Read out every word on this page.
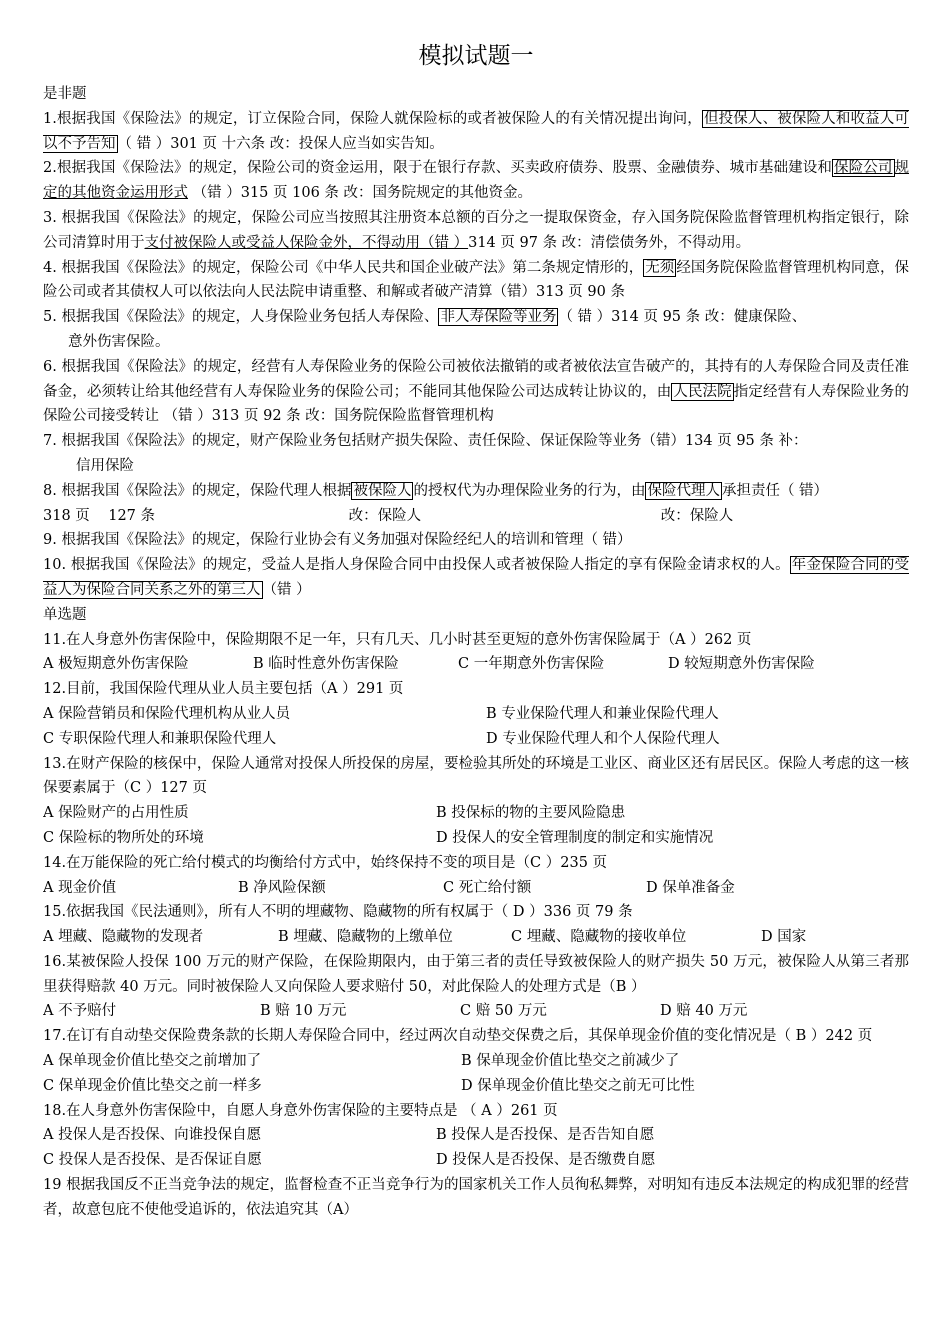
模拟试题一

是非题

1.根据我国《保险法》的规定，订立保险合同，保险人就保险标的或者被保险人的有关情况提出询问， 但投保人、被保险人和收益人可以不予告知 （ 错 ）301 页 十六条 改：投保人应当如实告知。

2.根据我国《保险法》的规定，保险公司的资金运用，限于在银行存款、买卖政府债券、股票、金融债券、城市基础建设和 保险公司 规定的其他资金运用形式 （错 ）315 页 106 条 改：国务院规定的其他资金。

3. 根据我国《保险法》的规定，保险公司应当按照其注册资本总额的百分之一提取保资金，存入国务院保险监督管理机构指定银行，除公司清算时用于支付被保险人或受益人保险金外，不得动用（错 ）314 页 97 条 改：清偿债务外，不得动用。

4. 根据我国《保险法》的规定，保险公司《中华人民共和国企业破产法》第二条规定情形的， 无须 经国务院保险监督管理机构同意，保险公司或者其债权人可以依法向人民法院申请重整、和解或者破产清算（错）313 页 90 条

5. 根据我国《保险法》的规定，人身保险业务包括人寿保险、 非人寿保险等业务 （ 错 ）314 页 95 条 改：健康保险、

意外伤害保险。

6. 根据我国《保险法》的规定，经营有人寿保险业务的保险公司被依法撤销的或者被依法宣告破产的，其持有的人寿保险合同及责任准备金，必须转让给其他经营有人寿保险业务的保险公司；不能同其他保险公司达成转让协议的，由 人民法院 指定经营有人寿保险业务的保险公司接受转让 （错 ）313 页 92 条 改：国务院保险监督管理机构

7. 根据我国《保险法》的规定，财产保险业务包括财产损失保险、责任保险、保证保险等业务（错）134 页 95 条 补：

信用保险

8. 根据我国《保险法》的规定，保险代理人根据 被保险人 的授权代为办理保险业务的行为，由 保险代理人 承担责任（ 错）

318 页    127 条                                          改：保险人                                                    改：保险人

9. 根据我国《保险法》的规定，保险行业协会有义务加强对保险经纪人的培训和管理（ 错）

10. 根据我国《保险法》的规定，受益人是指人身保险合同中由投保人或者被保险人指定的享有保险金请求权的人。 年金保险合同的受益人为保险合同关系之外的第三人 （错 ）

单选题

11.在人身意外伤害保险中，保险期限不足一年，只有几天、几小时甚至更短的意外伤害保险属于（A ）262 页

A 极短期意外伤害保险	B 临时性意外伤害保险	C 一年期意外伤害保险	D 较短期意外伤害保险

12.目前，我国保险代理从业人员主要包括（A ）291 页

A 保险营销员和保险代理机构从业人员	B 专业保险代理人和兼业保险代理人
C 专职保险代理人和兼职保险代理人	D 专业保险代理人和个人保险代理人

13.在财产保险的核保中，保险人通常对投保人所投保的房屋，要检验其所处的环境是工业区、商业区还有居民区。保险人考虑的这一核保要素属于（C ）127 页

A 保险财产的占用性质	B 投保标的物的主要风险隐患
C 保险标的物所处的环境	D 投保人的安全管理制度的制定和实施情况

14.在万能保险的死亡给付模式的均衡给付方式中，始终保持不变的项目是（C ）235 页

A 现金价值	B 净风险保额	C 死亡给付额	D 保单准备金

15.依据我国《民法通则》，所有人不明的埋藏物、隐藏物的所有权属于（ D ）336 页 79 条

A 埋藏、隐藏物的发现者	B 埋藏、隐藏物的上缴单位	C 埋藏、隐藏物的接收单位	D 国家

16.某被保险人投保 100 万元的财产保险，在保险期限内，由于第三者的责任导致被保险人的财产损失 50 万元，被保险人从第三者那里获得赔款 40 万元。同时被保险人又向保险人要求赔付 50，对此保险人的处理方式是（B ）

A 不予赔付	B 赔 10 万元	C 赔 50 万元	D 赔 40 万元

17.在订有自动垫交保险费条款的长期人寿保险合同中，经过两次自动垫交保费之后，其保单现金价值的变化情况是（ B ）242 页

A 保单现金价值比垫交之前增加了	B 保单现金价值比垫交之前减少了
C 保单现金价值比垫交之前一样多	D 保单现金价值比垫交之前无可比性

18.在人身意外伤害保险中，自愿人身意外伤害保险的主要特点是 （ A ）261 页

A 投保人是否投保、向谁投保自愿	B 投保人是否投保、是否告知自愿
C 投保人是否投保、是否保证自愿	D 投保人是否投保、是否缴费自愿

19 根据我国反不正当竞争法的规定，监督检查不正当竞争行为的国家机关工作人员徇私舞弊，对明知有违反本法规定的构成犯罪的经营者，故意包庇不使他受追诉的，依法追究其（A）
